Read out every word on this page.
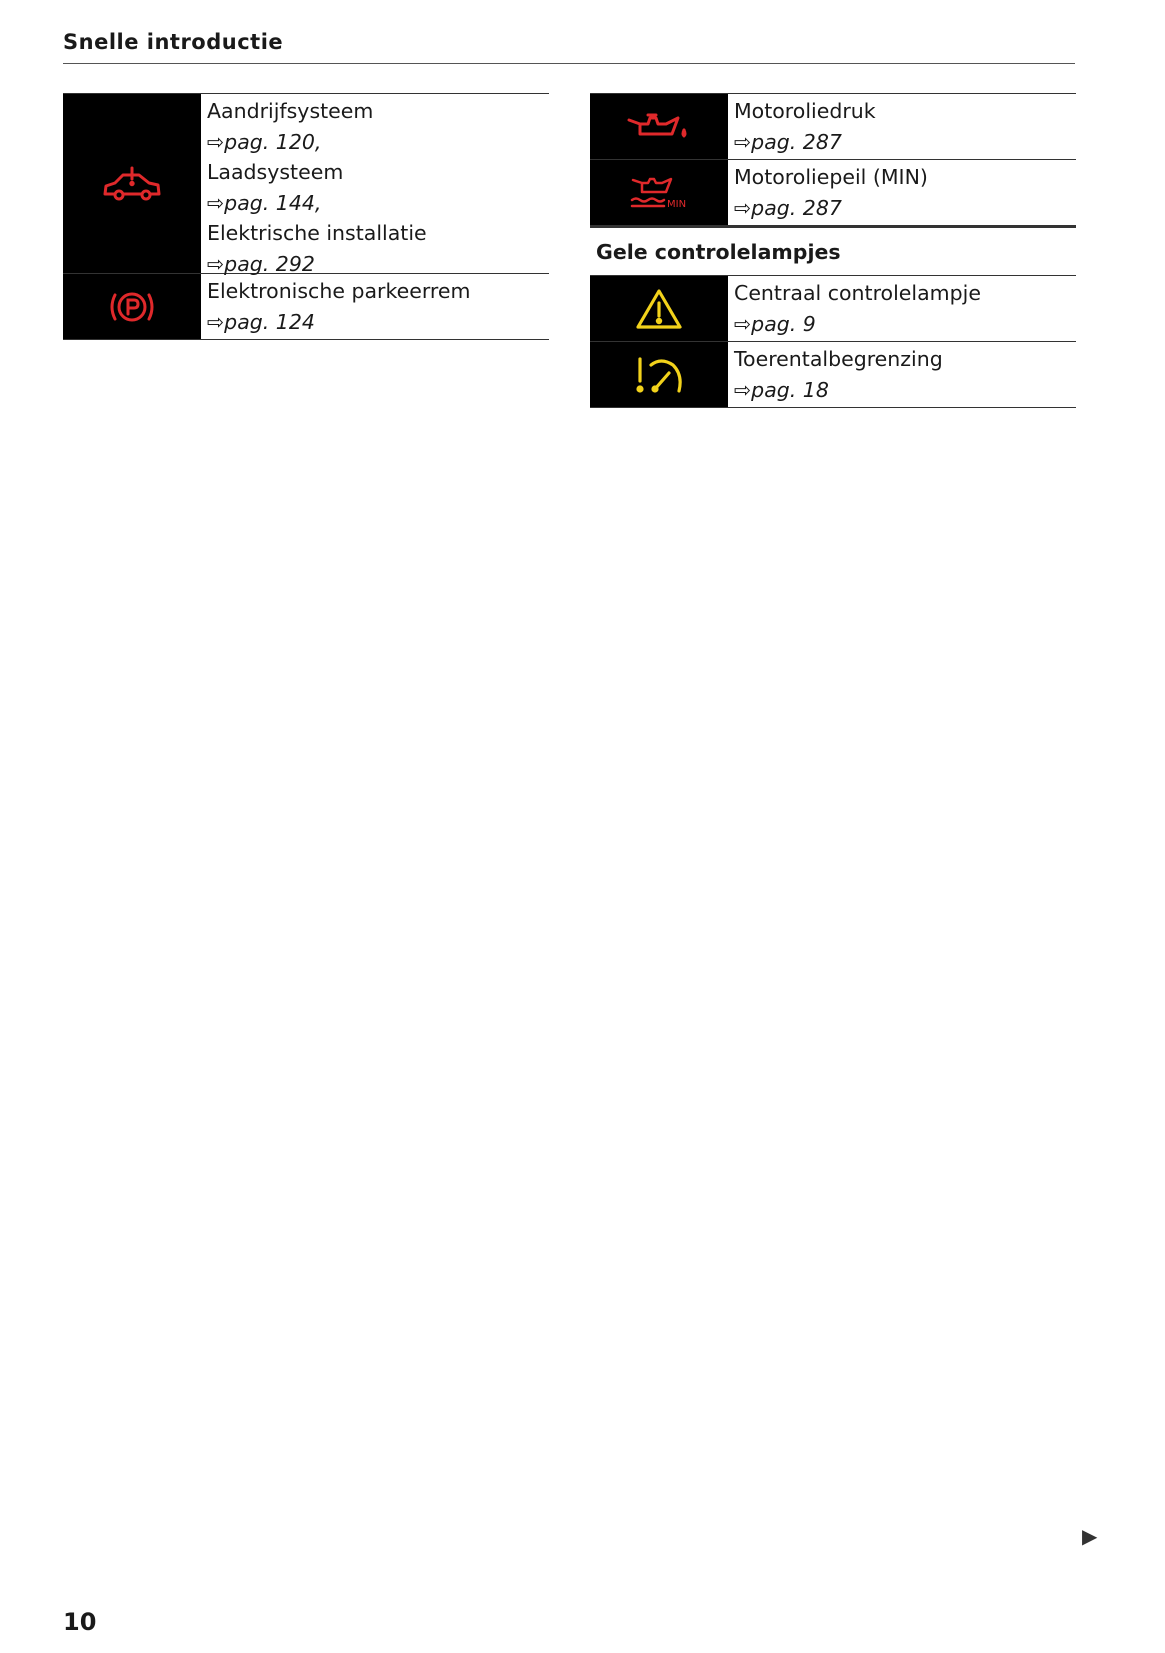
Snelle introductie
Aandrijfsysteem
⇨pag. 120,
Laadsysteem
⇨pag. 144,
Elektrische installatie
⇨pag. 292
Elektronische parkeerrem
⇨pag. 124
Motoroliedruk
⇨pag. 287
MIN
Motoroliepeil (MIN)
⇨pag. 287
Gele controlelampjes
Centraal controlelampje
⇨pag. 9
Toerentalbegrenzing
⇨pag. 18
▶
10
